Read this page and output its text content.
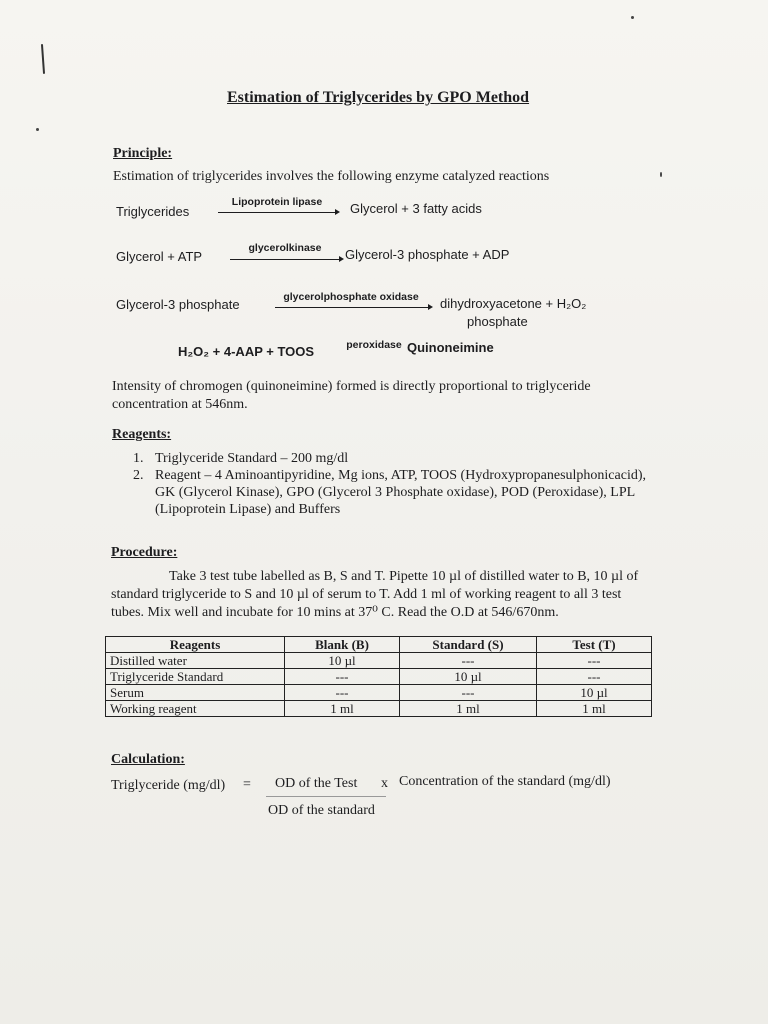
Estimation of Triglycerides by GPO Method
Principle:
Estimation of triglycerides involves the following enzyme catalyzed reactions
Triglycerides
Lipoprotein lipase	Glycerol + 3 fatty acids
Glycerol + ATP
glycerolkinase	Glycerol-3 phosphate + ADP
Glycerol-3 phosphate	glycerolphosphate oxidase	dihydroxyacetone + H₂O₂
phosphate
H₂O₂ + 4-AAP + TOOS	peroxidase Quinoneimine
Intensity of chromogen (quinoneimine) formed is directly proportional to triglyceride concentration at 546nm.
Reagents:
1. Triglyceride Standard – 200 mg/dl
2. Reagent – 4 Aminoantipyridine, Mg ions, ATP, TOOS (Hydroxypropanesulphonicacid), GK (Glycerol Kinase), GPO (Glycerol 3 Phosphate oxidase), POD (Peroxidase), LPL (Lipoprotein Lipase) and Buffers
Procedure:
Take 3 test tube labelled as B, S and T. Pipette 10 µl of distilled water to B, 10 µl of standard triglyceride to S and 10 µl of serum to T. Add 1 ml of working reagent to all 3 test tubes. Mix well and incubate for 10 mins at 37⁰ C. Read the O.D at 546/670nm.
Reagents	Blank (B)	Standard (S)	Test (T)
Distilled water	10 µl	---	---
Triglyceride Standard	---	10 µl	---
Serum	---	---	10 µl
Working reagent	1 ml	1 ml	1 ml
Calculation:
Triglyceride (mg/dl) = OD of the Test x Concentration of the standard (mg/dl)
OD of the standard
